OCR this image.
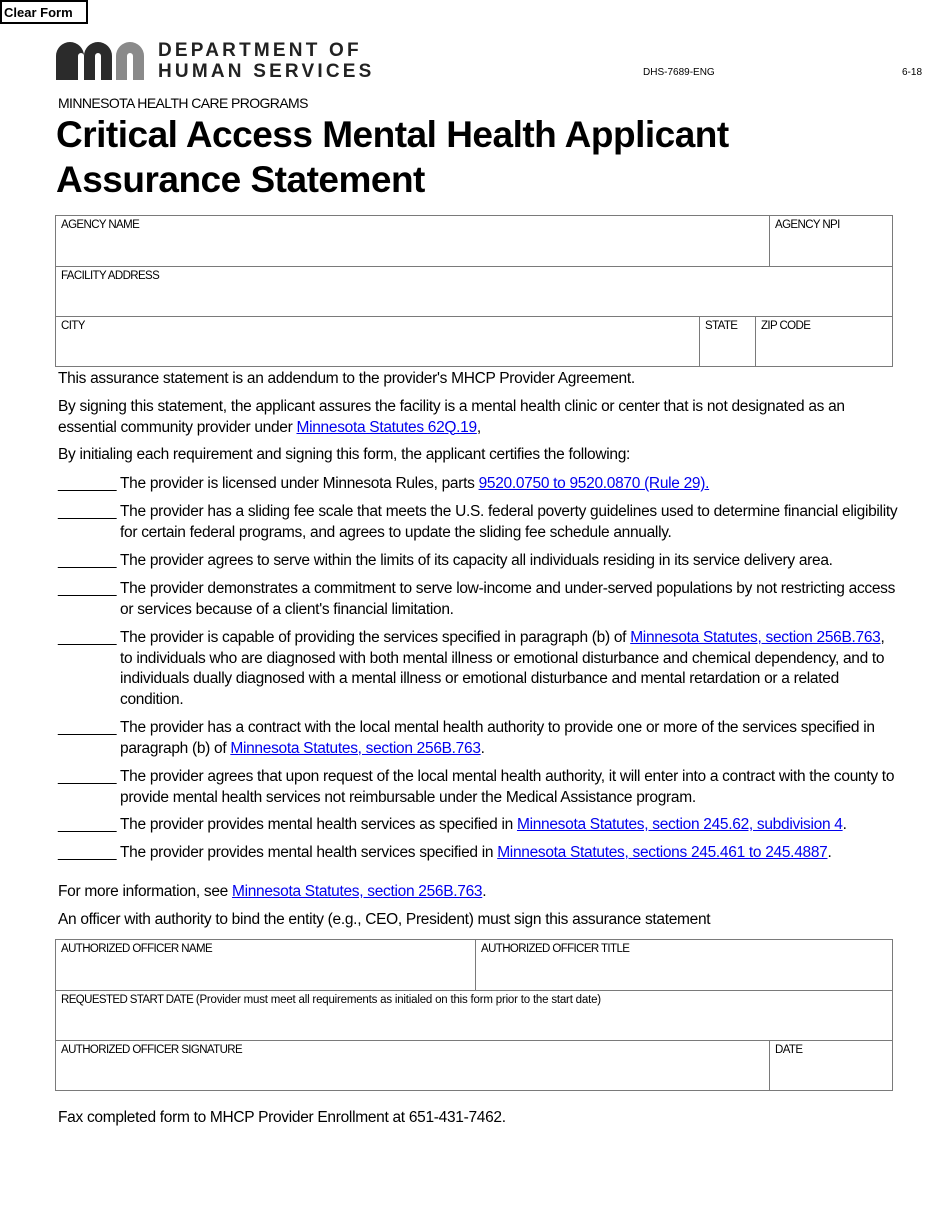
Clear Form
DEPARTMENT OF
HUMAN SERVICES	DHS-7689-ENG	6-18
MINNESOTA HEALTH CARE PROGRAMS
Critical Access Mental Health Applicant Assurance Statement
AGENCY NAME	AGENCY NPI
FACILITY ADDRESS
CITY	STATE	ZIP CODE
This assurance statement is an addendum to the provider's MHCP Provider Agreement.
By signing this statement, the applicant assures the facility is a mental health clinic or center that is not designated as an essential community provider under Minnesota Statutes 62Q.19,
By initialing each requirement and signing this form, the applicant certifies the following:
_______ The provider is licensed under Minnesota Rules, parts 9520.0750 to 9520.0870 (Rule 29).
_______ The provider has a sliding fee scale that meets the U.S. federal poverty guidelines used to determine financial eligibility for certain federal programs, and agrees to update the sliding fee schedule annually.
_______ The provider agrees to serve within the limits of its capacity all individuals residing in its service delivery area.
_______ The provider demonstrates a commitment to serve low-income and under-served populations by not restricting access or services because of a client's financial limitation.
_______ The provider is capable of providing the services specified in paragraph (b) of Minnesota Statutes, section 256B.763, to individuals who are diagnosed with both mental illness or emotional disturbance and chemical dependency, and to individuals dually diagnosed with a mental illness or emotional disturbance and mental retardation or a related condition.
_______ The provider has a contract with the local mental health authority to provide one or more of the services specified in paragraph (b) of Minnesota Statutes, section 256B.763.
_______ The provider agrees that upon request of the local mental health authority, it will enter into a contract with the county to provide mental health services not reimbursable under the Medical Assistance program.
_______ The provider provides mental health services as specified in Minnesota Statutes, section 245.62, subdivision 4.
_______ The provider provides mental health services specified in Minnesota Statutes, sections 245.461 to 245.4887.
For more information, see Minnesota Statutes, section 256B.763.
An officer with authority to bind the entity (e.g., CEO, President) must sign this assurance statement
AUTHORIZED OFFICER NAME	AUTHORIZED OFFICER TITLE
REQUESTED START DATE (Provider must meet all requirements as initialed on this form prior to the start date)
AUTHORIZED OFFICER SIGNATURE	DATE
Fax completed form to MHCP Provider Enrollment at 651-431-7462.
